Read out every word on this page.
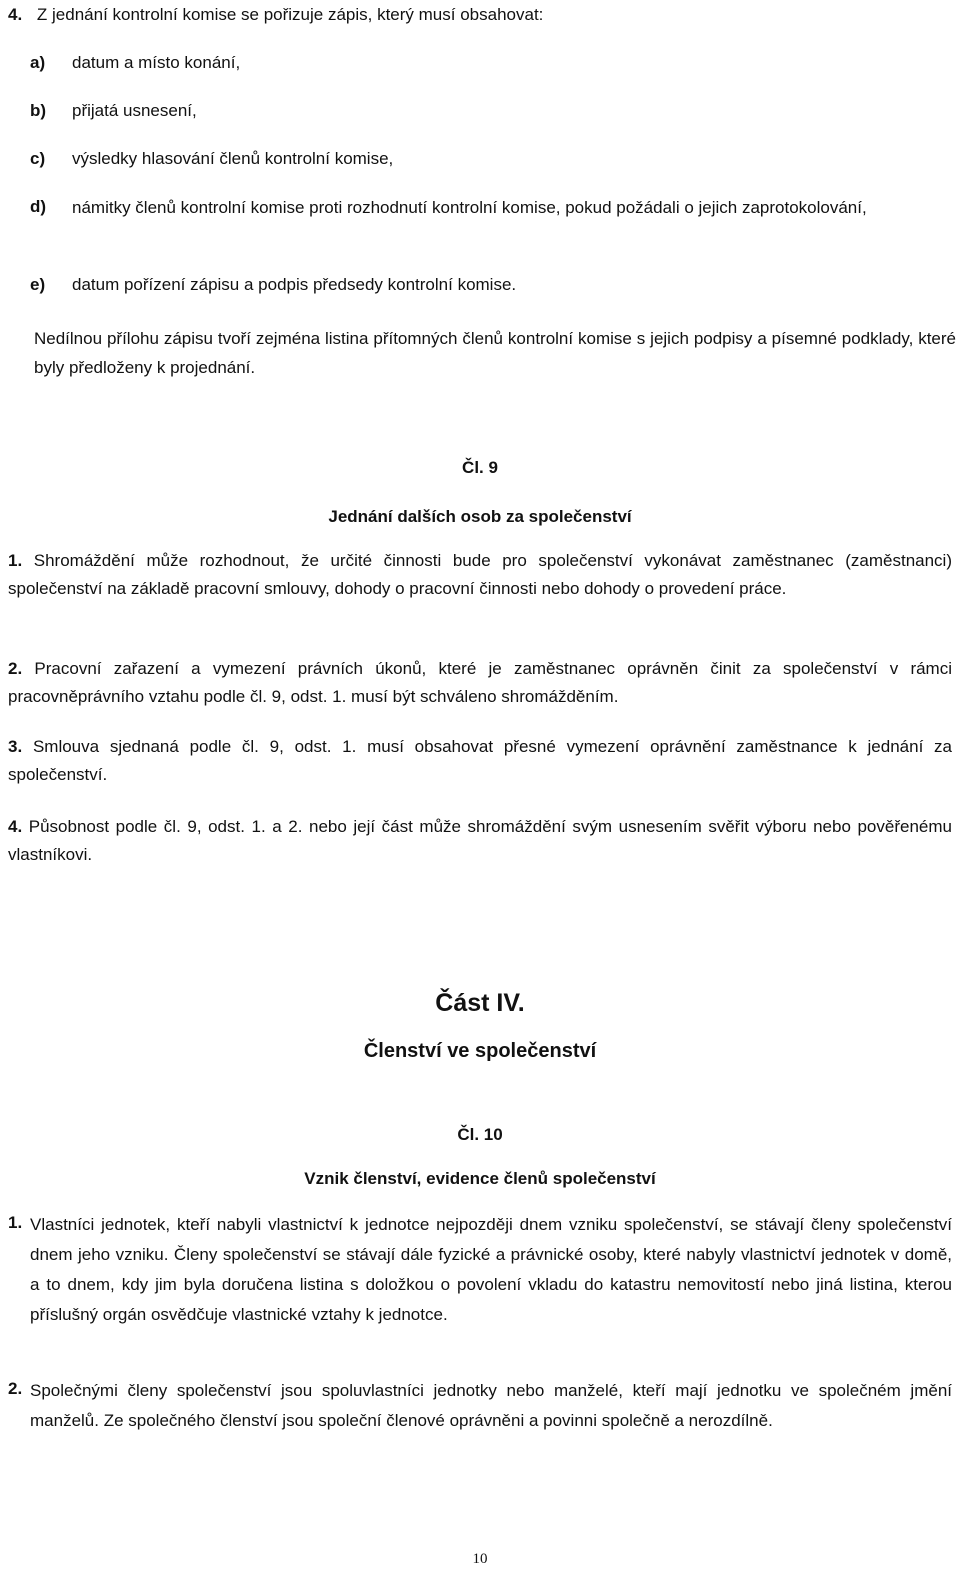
4. Z jednání kontrolní komise se pořizuje zápis, který musí obsahovat:
a) datum a místo konání,
b) přijatá usnesení,
c) výsledky hlasování členů kontrolní komise,
d) námitky členů kontrolní komise proti rozhodnutí kontrolní komise, pokud požádali o jejich zaprotokolování,
e) datum pořízení zápisu a podpis předsedy kontrolní komise.
Nedílnou přílohu zápisu tvoří zejména listina přítomných členů kontrolní komise s jejich podpisy a písemné podklady, které byly předloženy k projednání.
Čl. 9
Jednání dalších osob za společenství
1. Shromáždění může rozhodnout, že určité činnosti bude pro společenství vykonávat zaměstnanec (zaměstnanci) společenství na základě pracovní smlouvy, dohody o pracovní činnosti nebo dohody o provedení práce.
2. Pracovní zařazení a vymezení právních úkonů, které je zaměstnanec oprávněn činit za společenství v rámci pracovněprávního vztahu podle čl. 9, odst. 1. musí být schváleno shromážděním.
3. Smlouva sjednaná podle čl. 9, odst. 1. musí obsahovat přesné vymezení oprávnění zaměstnance k jednání za společenství.
4. Působnost podle čl. 9, odst. 1. a 2. nebo její část může shromáždění svým usnesením svěřit výboru nebo pověřenému vlastníkovi.
Část IV.
Členství ve společenství
Čl. 10
Vznik členství, evidence členů společenství
1. Vlastníci jednotek, kteří nabyli vlastnictví k jednotce nejpozději dnem vzniku společenství, se stávají členy společenství dnem jeho vzniku. Členy společenství se stávají dále fyzické a právnické osoby, které nabyly vlastnictví jednotek v domě, a to dnem, kdy jim byla doručena listina s doložkou o povolení vkladu do katastru nemovitostí nebo jiná listina, kterou příslušný orgán osvědčuje vlastnické vztahy k jednotce.
2. Společnými členy společenství jsou spoluvlastníci jednotky nebo manželé, kteří mají jednotku ve společném jmění manželů. Ze společného členství jsou společní členové oprávněni a povinni společně a nerozdílně.
10
